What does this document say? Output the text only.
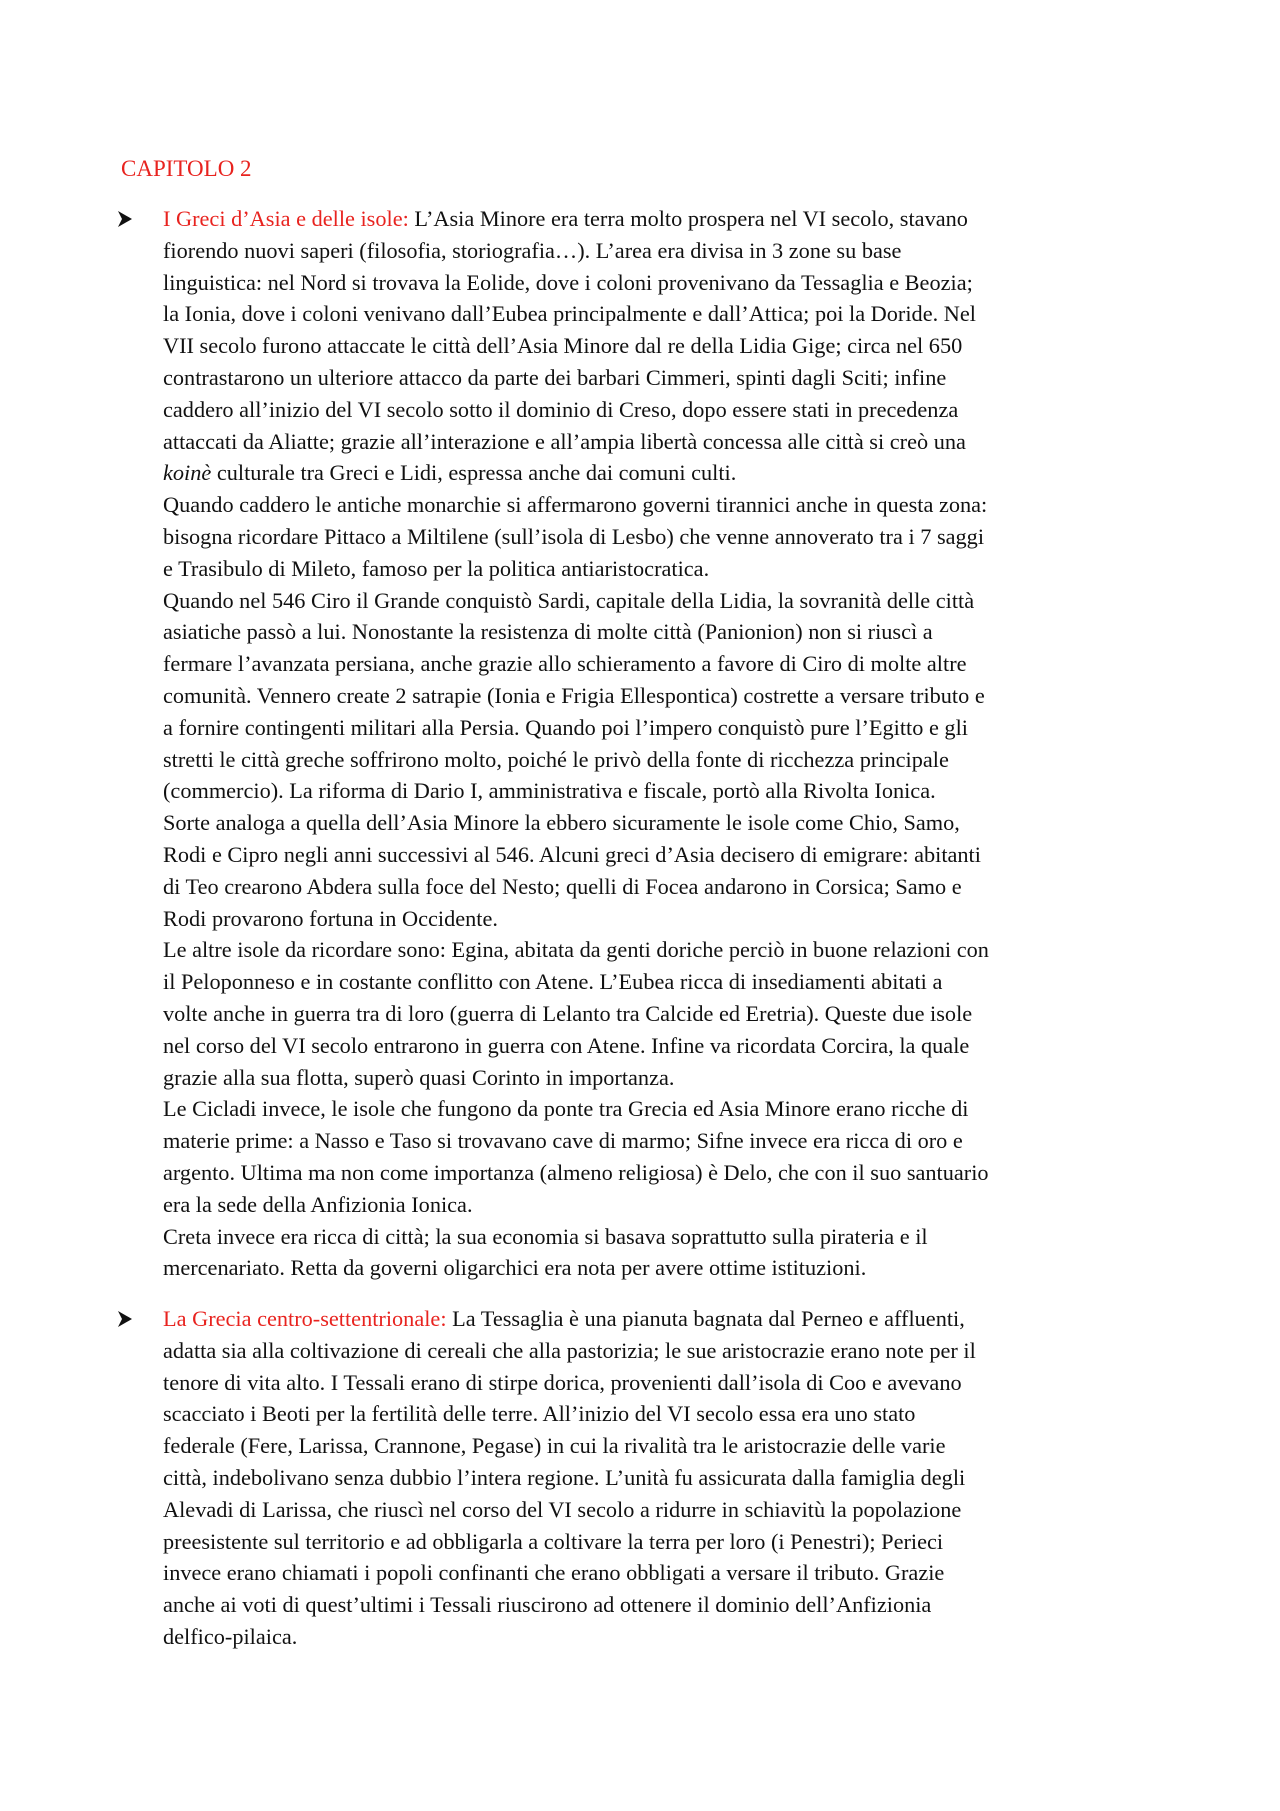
CAPITOLO 2
I Greci d’Asia e delle isole: L’Asia Minore era terra molto prospera nel VI secolo, stavano
fiorendo nuovi saperi (filosofia, storiografia…). L’area era divisa in 3 zone su base
linguistica: nel Nord si trovava la Eolide, dove i coloni provenivano da Tessaglia e Beozia;
la Ionia, dove i coloni venivano dall’Eubea principalmente e dall’Attica; poi la Doride. Nel
VII secolo furono attaccate le città dell’Asia Minore dal re della Lidia Gige; circa nel 650
contrastarono un ulteriore attacco da parte dei barbari Cimmeri, spinti dagli Sciti; infine
caddero all’inizio del VI secolo sotto il dominio di Creso, dopo essere stati in precedenza
attaccati da Aliatte; grazie all’interazione e all’ampia libertà concessa alle città si creò una
koinè culturale tra Greci e Lidi, espressa anche dai comuni culti.
Quando caddero le antiche monarchie si affermarono governi tirannici anche in questa zona:
bisogna ricordare Pittaco a Miltilene (sull’isola di Lesbo) che venne annoverato tra i 7 saggi
e Trasibulo di Mileto, famoso per la politica antiaristocratica.
Quando nel 546 Ciro il Grande conquistò Sardi, capitale della Lidia, la sovranità delle città
asiatiche passò a lui. Nonostante la resistenza di molte città (Panionion) non si riuscì a
fermare l’avanzata persiana, anche grazie allo schieramento a favore di Ciro di molte altre
comunità. Vennero create 2 satrapie (Ionia e Frigia Ellespontica) costrette a versare tributo e
a fornire contingenti militari alla Persia. Quando poi l’impero conquistò pure l’Egitto e gli
stretti le città greche soffrirono molto, poiché le privò della fonte di ricchezza principale
(commercio). La riforma di Dario I, amministrativa e fiscale, portò alla Rivolta Ionica.
Sorte analoga a quella dell’Asia Minore la ebbero sicuramente le isole come Chio, Samo,
Rodi e Cipro negli anni successivi al 546. Alcuni greci d’Asia decisero di emigrare: abitanti
di Teo crearono Abdera sulla foce del Nesto; quelli di Focea andarono in Corsica; Samo e
Rodi provarono fortuna in Occidente.
Le altre isole da ricordare sono: Egina, abitata da genti doriche perciò in buone relazioni con
il Peloponneso e in costante conflitto con Atene. L’Eubea ricca di insediamenti abitati a
volte anche in guerra tra di loro (guerra di Lelanto tra Calcide ed Eretria). Queste due isole
nel corso del VI secolo entrarono in guerra con Atene. Infine va ricordata Corcira, la quale
grazie alla sua flotta, superò quasi Corinto in importanza.
Le Cicladi invece, le isole che fungono da ponte tra Grecia ed Asia Minore erano ricche di
materie prime: a Nasso e Taso si trovavano cave di marmo; Sifne invece era ricca di oro e
argento. Ultima ma non come importanza (almeno religiosa) è Delo, che con il suo santuario
era la sede della Anfizionia Ionica.
Creta invece era ricca di città; la sua economia si basava soprattutto sulla pirateria e il
mercenariato. Retta da governi oligarchici era nota per avere ottime istituzioni.
La Grecia centro-settentrionale: La Tessaglia è una pianuta bagnata dal Perneo e affluenti,
adatta sia alla coltivazione di cereali che alla pastorizia; le sue aristocrazie erano note per il
tenore di vita alto. I Tessali erano di stirpe dorica, provenienti dall’isola di Coo e avevano
scacciato i Beoti per la fertilità delle terre. All’inizio del VI secolo essa era uno stato
federale (Fere, Larissa, Crannone, Pegase) in cui la rivalità tra le aristocrazie delle varie
città, indebolivano senza dubbio l’intera regione. L’unità fu assicurata dalla famiglia degli
Alevadi di Larissa, che riuscì nel corso del VI secolo a ridurre in schiavitù la popolazione
preesistente sul territorio e ad obbligarla a coltivare la terra per loro (i Penestri); Perieci
invece erano chiamati i popoli confinanti che erano obbligati a versare il tributo. Grazie
anche ai voti di quest’ultimi i Tessali riuscirono ad ottenere il dominio dell’Anfizionia
delfico-pilaica.
